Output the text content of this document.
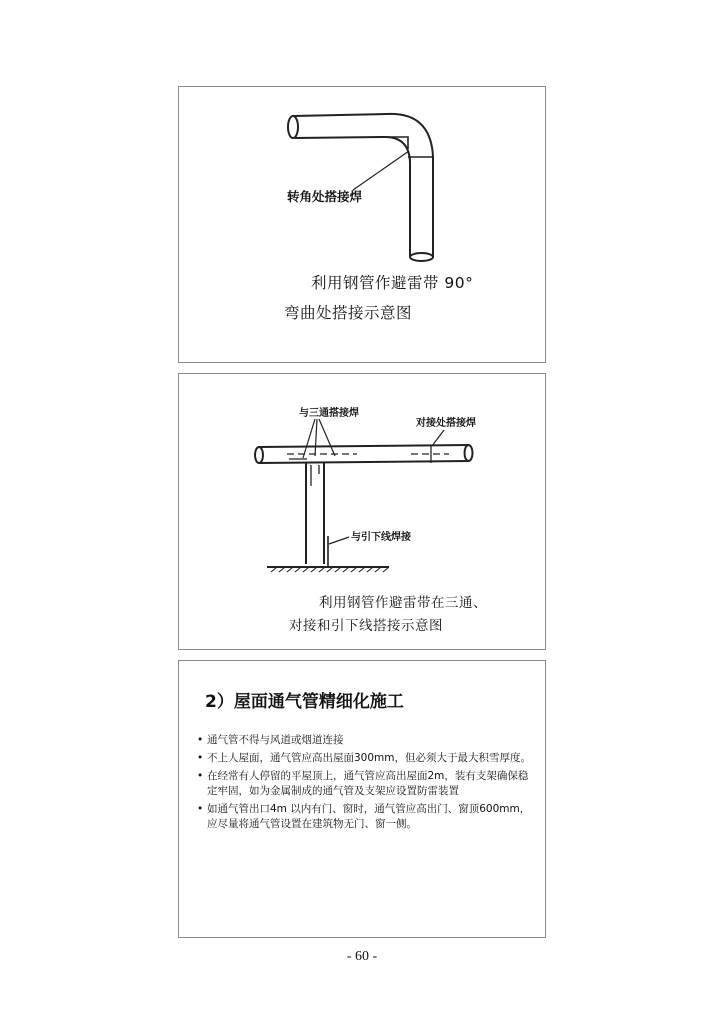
转角处搭接焊
利用钢管作避雷带 90°
弯曲处搭接示意图
与三通搭接焊
对接处搭接焊
与引下线焊接
利用钢管作避雷带在三通、
对接和引下线搭接示意图
2）屋面通气管精细化施工
• 通气管不得与风道或烟道连接
• 不上人屋面，通气管应高出屋面300mm，但必须大于最大积雪厚度。
• 在经常有人停留的平屋顶上，通气管应高出屋面2m，装有支架确保稳定牢固，如为金属制成的通气管及支架应设置防雷装置
• 如通气管出口4m 以内有门、窗时，通气管应高出门、窗顶600mm，应尽量将通气管设置在建筑物无门、窗一侧。
- 60 -
